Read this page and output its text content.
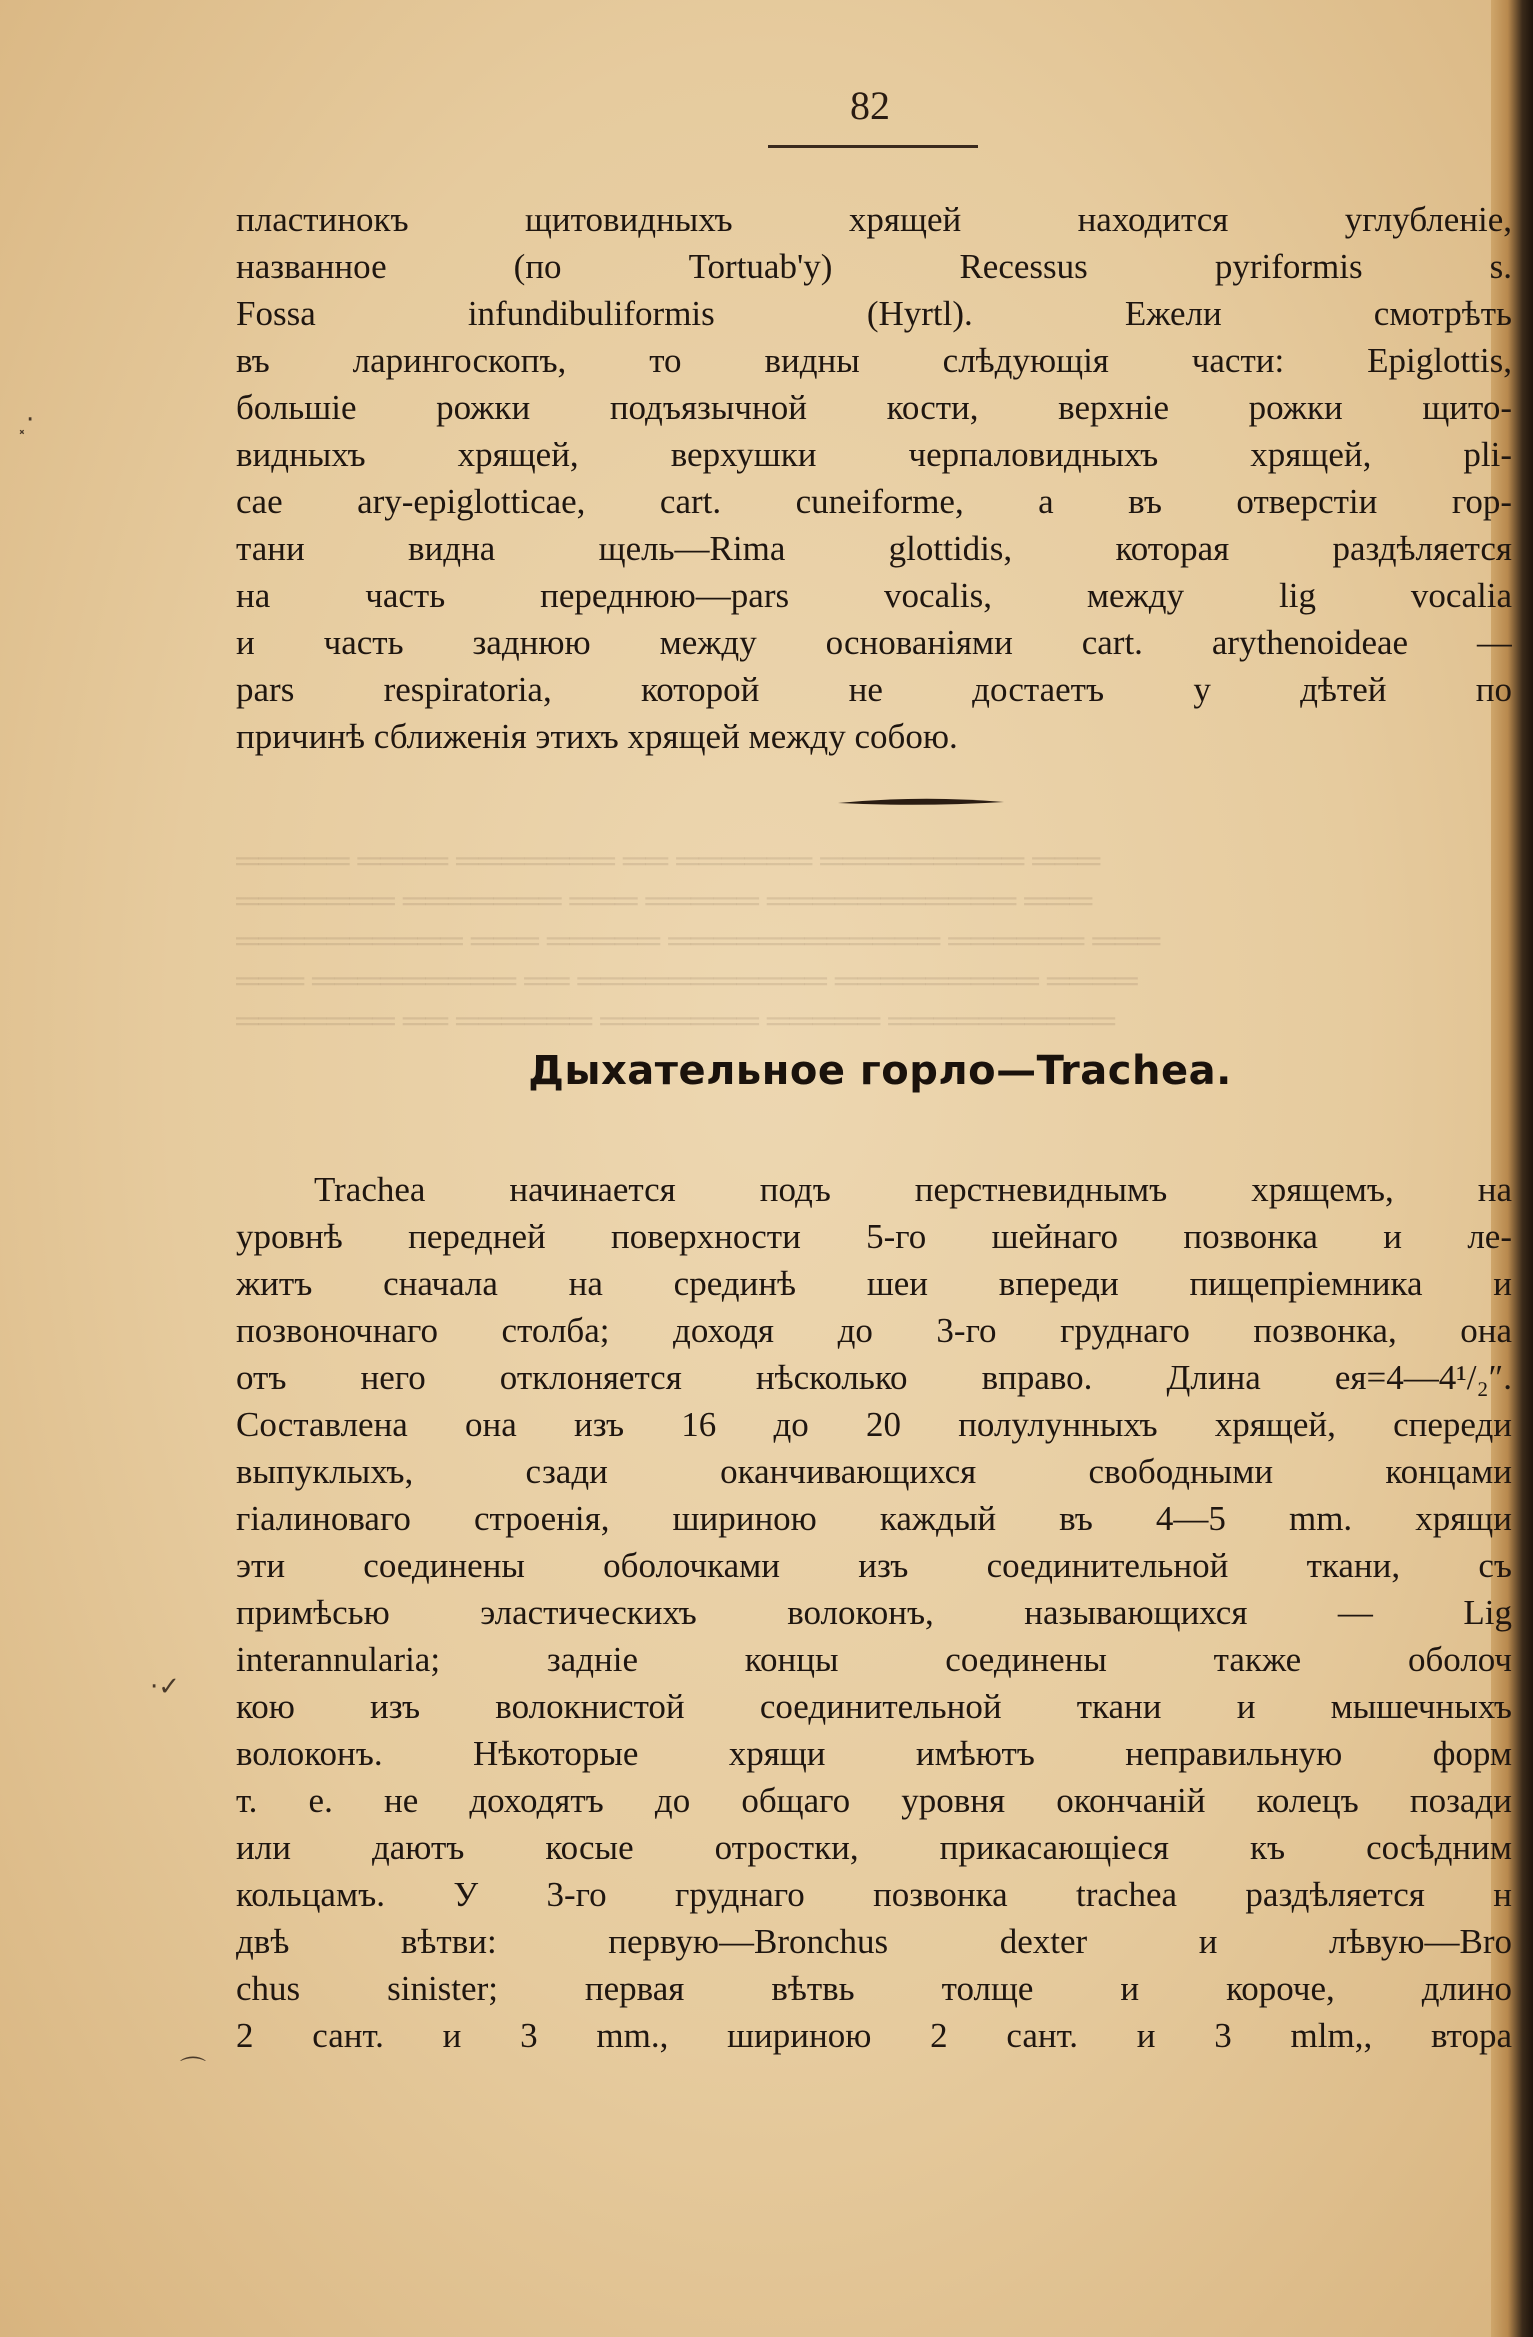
82
пластинокъ щитовидныхъ хрящей находится углубленіе,
названное (по Tortuab'y) Recessus pyriformis s.
Fossa infundibuliformis (Hyrtl). Ежели смотрѣть
въ ларингоскопъ, то видны слѣдующія части: Epiglottis,
большіе рожки подъязычной кости, верхніе рожки щито-
видныхъ хрящей, верхушки черпаловидныхъ хрящей, pli-
cae ary-epiglotticae, cart. cuneiforme, а въ отверстіи гор-
тани видна щель—Rima glottidis, которая раздѣляется
на часть переднюю—pars vocalis, между lig vocalia
и часть заднюю между основаніями cart. arythenoideae —
pars respiratoria, которой не достаетъ у дѣтей по
причинѣ сближенія этихъ хрящей между собою.
═════ ════ ═══════ ══ ══════ ═════════ ═══
═══════ ═══════ ═══ ═════ ═══════════ ═══
══════════ ═══ ═════ ════════════ ══════ ═══
═══ ═════════ ══ ═══════════ ═════════ ════
═══════ ══ ══════ ═══════ ═════ ══════════
Дыхательное горло—Trachea.
Trachea начинается подъ перстневиднымъ хрящемъ, на
уровнѣ передней поверхности 5-го шейнаго позвонка и ле-
житъ сначала на срединѣ шеи впереди пищепріемника и
позвоночнаго столба; доходя до 3-го груднаго позвонка, она
отъ него отклоняется нѣсколько вправо. Длина ея=4—4¹/₂″.
Составлена она изъ 16 до 20 полулунныхъ хрящей, спереди
выпуклыхъ, сзади оканчивающихся свободными концами
гіалиноваго строенія, шириною каждый въ 4—5 mm. хрящи
эти соединены оболочками изъ соединительной ткани, съ
примѣсью эластическихъ волоконъ, называющихся — Lig
interannularia; задніе концы соединены также оболоч
кою изъ волокнистой соединительной ткани и мышечныхъ
волоконъ. Нѣкоторые хрящи имѣютъ неправильную форм
т. е. не доходятъ до общаго уровня окончаній колецъ позади
или даютъ косые отростки, прикасающіеся къ сосѣдним
кольцамъ. У 3-го груднаго позвонка trachea раздѣляется н
двѣ вѣтви: первую—Bronchus dexter и лѣвую—Bro
chus sinister; первая вѣтвь толще и короче, длино
2 сант. и 3 mm., шириною 2 сант. и 3 mlm,, втора
⸼·
·✓
⌒
